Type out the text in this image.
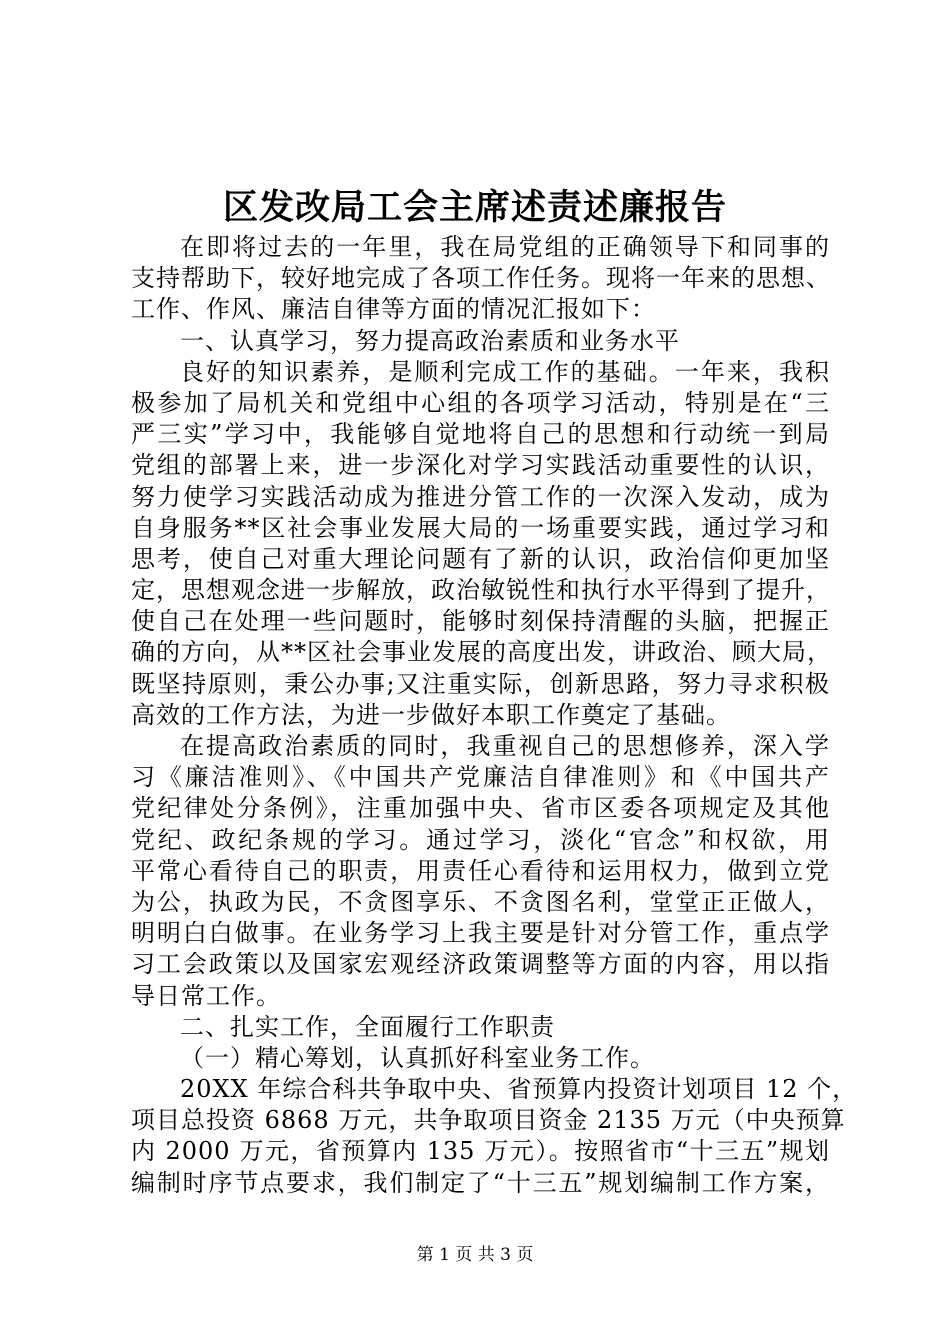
区发改局工会主席述责述廉报告

在即将过去的一年里，我在局党组的正确领导下和同事的

支持帮助下，较好地完成了各项工作任务。现将一年来的思想、

工作、作风、廉洁自律等方面的情况汇报如下：

一、认真学习，努力提高政治素质和业务水平

良好的知识素养，是顺利完成工作的基础。一年来，我积

极参加了局机关和党组中心组的各项学习活动，特别是在“三

严三实”学习中，我能够自觉地将自己的思想和行动统一到局

党组的部署上来，进一步深化对学习实践活动重要性的认识，

努力使学习实践活动成为推进分管工作的一次深入发动，成为

自身服务**区社会事业发展大局的一场重要实践，通过学习和

思考，使自己对重大理论问题有了新的认识，政治信仰更加坚

定，思想观念进一步解放，政治敏锐性和执行水平得到了提升，

使自己在处理一些问题时，能够时刻保持清醒的头脑，把握正

确的方向，从**区社会事业发展的高度出发，讲政治、顾大局，

既坚持原则，秉公办事;又注重实际，创新思路，努力寻求积极

高效的工作方法，为进一步做好本职工作奠定了基础。

在提高政治素质的同时，我重视自己的思想修养，深入学

习《廉洁准则》、《中国共产党廉洁自律准则》和《中国共产

党纪律处分条例》，注重加强中央、省市区委各项规定及其他

党纪、政纪条规的学习。通过学习，淡化“官念”和权欲，用

平常心看待自己的职责，用责任心看待和运用权力，做到立党

为公，执政为民，不贪图享乐、不贪图名利，堂堂正正做人，

明明白白做事。在业务学习上我主要是针对分管工作，重点学

习工会政策以及国家宏观经济政策调整等方面的内容，用以指

导日常工作。

二、扎实工作，全面履行工作职责

（一）精心筹划，认真抓好科室业务工作。

20XX 年综合科共争取中央、省预算内投资计划项目 12 个，

项目总投资 6868 万元，共争取项目资金 2135 万元（中央预算

内 2000 万元，省预算内 135 万元）。按照省市“十三五”规划

编制时序节点要求，我们制定了“十三五”规划编制工作方案，

第 1 页 共 3 页
